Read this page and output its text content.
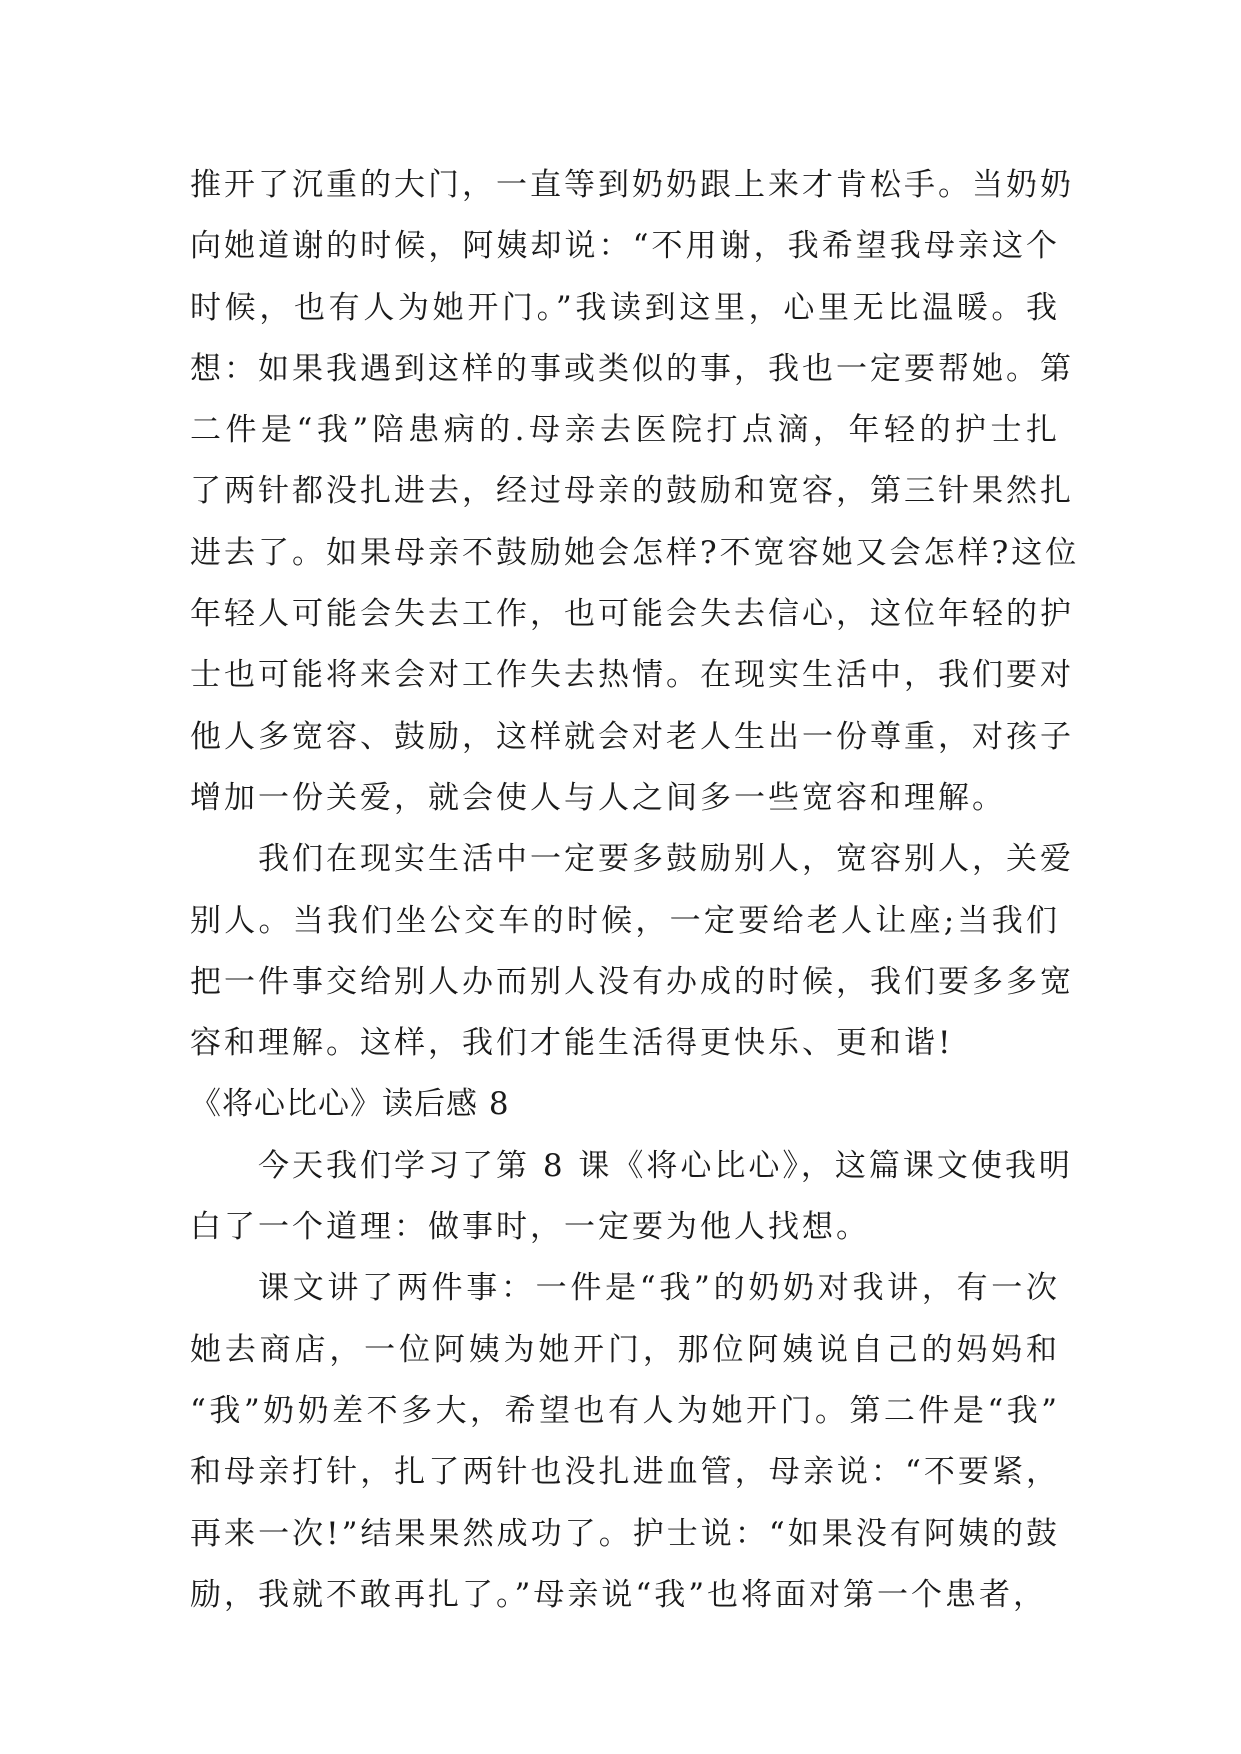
推开了沉重的大门，一直等到奶奶跟上来才肯松手。当奶奶
向她道谢的时候，阿姨却说：“不用谢，我希望我母亲这个
时候，也有人为她开门。”我读到这里，心里无比温暖。我
想：如果我遇到这样的事或类似的事，我也一定要帮她。第
二件是“我”陪患病的.母亲去医院打点滴，年轻的护士扎
了两针都没扎进去，经过母亲的鼓励和宽容，第三针果然扎
进去了。如果母亲不鼓励她会怎样?不宽容她又会怎样?这位
年轻人可能会失去工作，也可能会失去信心，这位年轻的护
士也可能将来会对工作失去热情。在现实生活中，我们要对
他人多宽容、鼓励，这样就会对老人生出一份尊重，对孩子
增加一份关爱，就会使人与人之间多一些宽容和理解。

我们在现实生活中一定要多鼓励别人，宽容别人，关爱
别人。当我们坐公交车的时候，一定要给老人让座;当我们
把一件事交给别人办而别人没有办成的时候，我们要多多宽
容和理解。这样，我们才能生活得更快乐、更和谐!

《将心比心》读后感 8

今天我们学习了第 8 课《将心比心》，这篇课文使我明
白了一个道理：做事时，一定要为他人找想。

课文讲了两件事：一件是“我”的奶奶对我讲，有一次
她去商店，一位阿姨为她开门，那位阿姨说自己的妈妈和
“我”奶奶差不多大，希望也有人为她开门。第二件是“我”
和母亲打针，扎了两针也没扎进血管，母亲说：“不要紧，
再来一次!”结果果然成功了。护士说：“如果没有阿姨的鼓
励，我就不敢再扎了。”母亲说“我”也将面对第一个患者，
